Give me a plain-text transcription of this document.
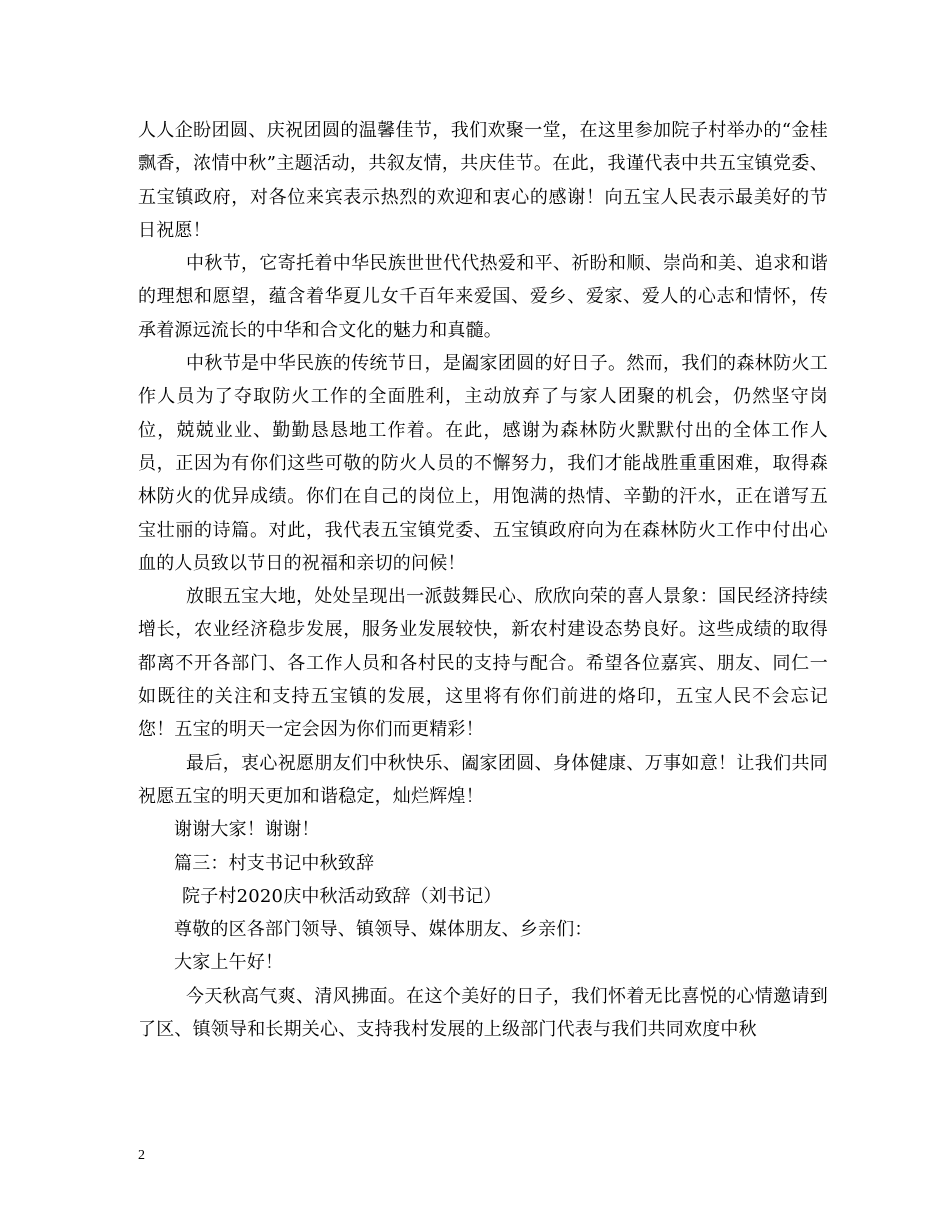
人人企盼团圆、庆祝团圆的温馨佳节，我们欢聚一堂，在这里参加院子村举办的“金桂飘香，浓情中秋”主题活动，共叙友情，共庆佳节。在此，我谨代表中共五宝镇党委、五宝镇政府，对各位来宾表示热烈的欢迎和衷心的感谢！向五宝人民表示最美好的节日祝愿！

中秋节，它寄托着中华民族世世代代热爱和平、祈盼和顺、崇尚和美、追求和谐的理想和愿望，蕴含着华夏儿女千百年来爱国、爱乡、爱家、爱人的心志和情怀，传承着源远流长的中华和合文化的魅力和真髓。

中秋节是中华民族的传统节日，是阖家团圆的好日子。然而，我们的森林防火工作人员为了夺取防火工作的全面胜利，主动放弃了与家人团聚的机会，仍然坚守岗位，兢兢业业、勤勤恳恳地工作着。在此，感谢为森林防火默默付出的全体工作人员，正因为有你们这些可敬的防火人员的不懈努力，我们才能战胜重重困难，取得森林防火的优异成绩。你们在自己的岗位上，用饱满的热情、辛勤的汗水，正在谱写五宝壮丽的诗篇。对此，我代表五宝镇党委、五宝镇政府向为在森林防火工作中付出心血的人员致以节日的祝福和亲切的问候！

放眼五宝大地，处处呈现出一派鼓舞民心、欣欣向荣的喜人景象：国民经济持续增长，农业经济稳步发展，服务业发展较快，新农村建设态势良好。这些成绩的取得都离不开各部门、各工作人员和各村民的支持与配合。希望各位嘉宾、朋友、同仁一如既往的关注和支持五宝镇的发展，这里将有你们前进的烙印，五宝人民不会忘记您！五宝的明天一定会因为你们而更精彩！

最后，衷心祝愿朋友们中秋快乐、阖家团圆、身体健康、万事如意！让我们共同祝愿五宝的明天更加和谐稳定，灿烂辉煌！

谢谢大家！谢谢！

篇三：村支书记中秋致辞

院子村2020庆中秋活动致辞（刘书记）

尊敬的区各部门领导、镇领导、媒体朋友、乡亲们：

大家上午好！

今天秋高气爽、清风拂面。在这个美好的日子，我们怀着无比喜悦的心情邀请到了区、镇领导和长期关心、支持我村发展的上级部门代表与我们共同欢度中秋

2
